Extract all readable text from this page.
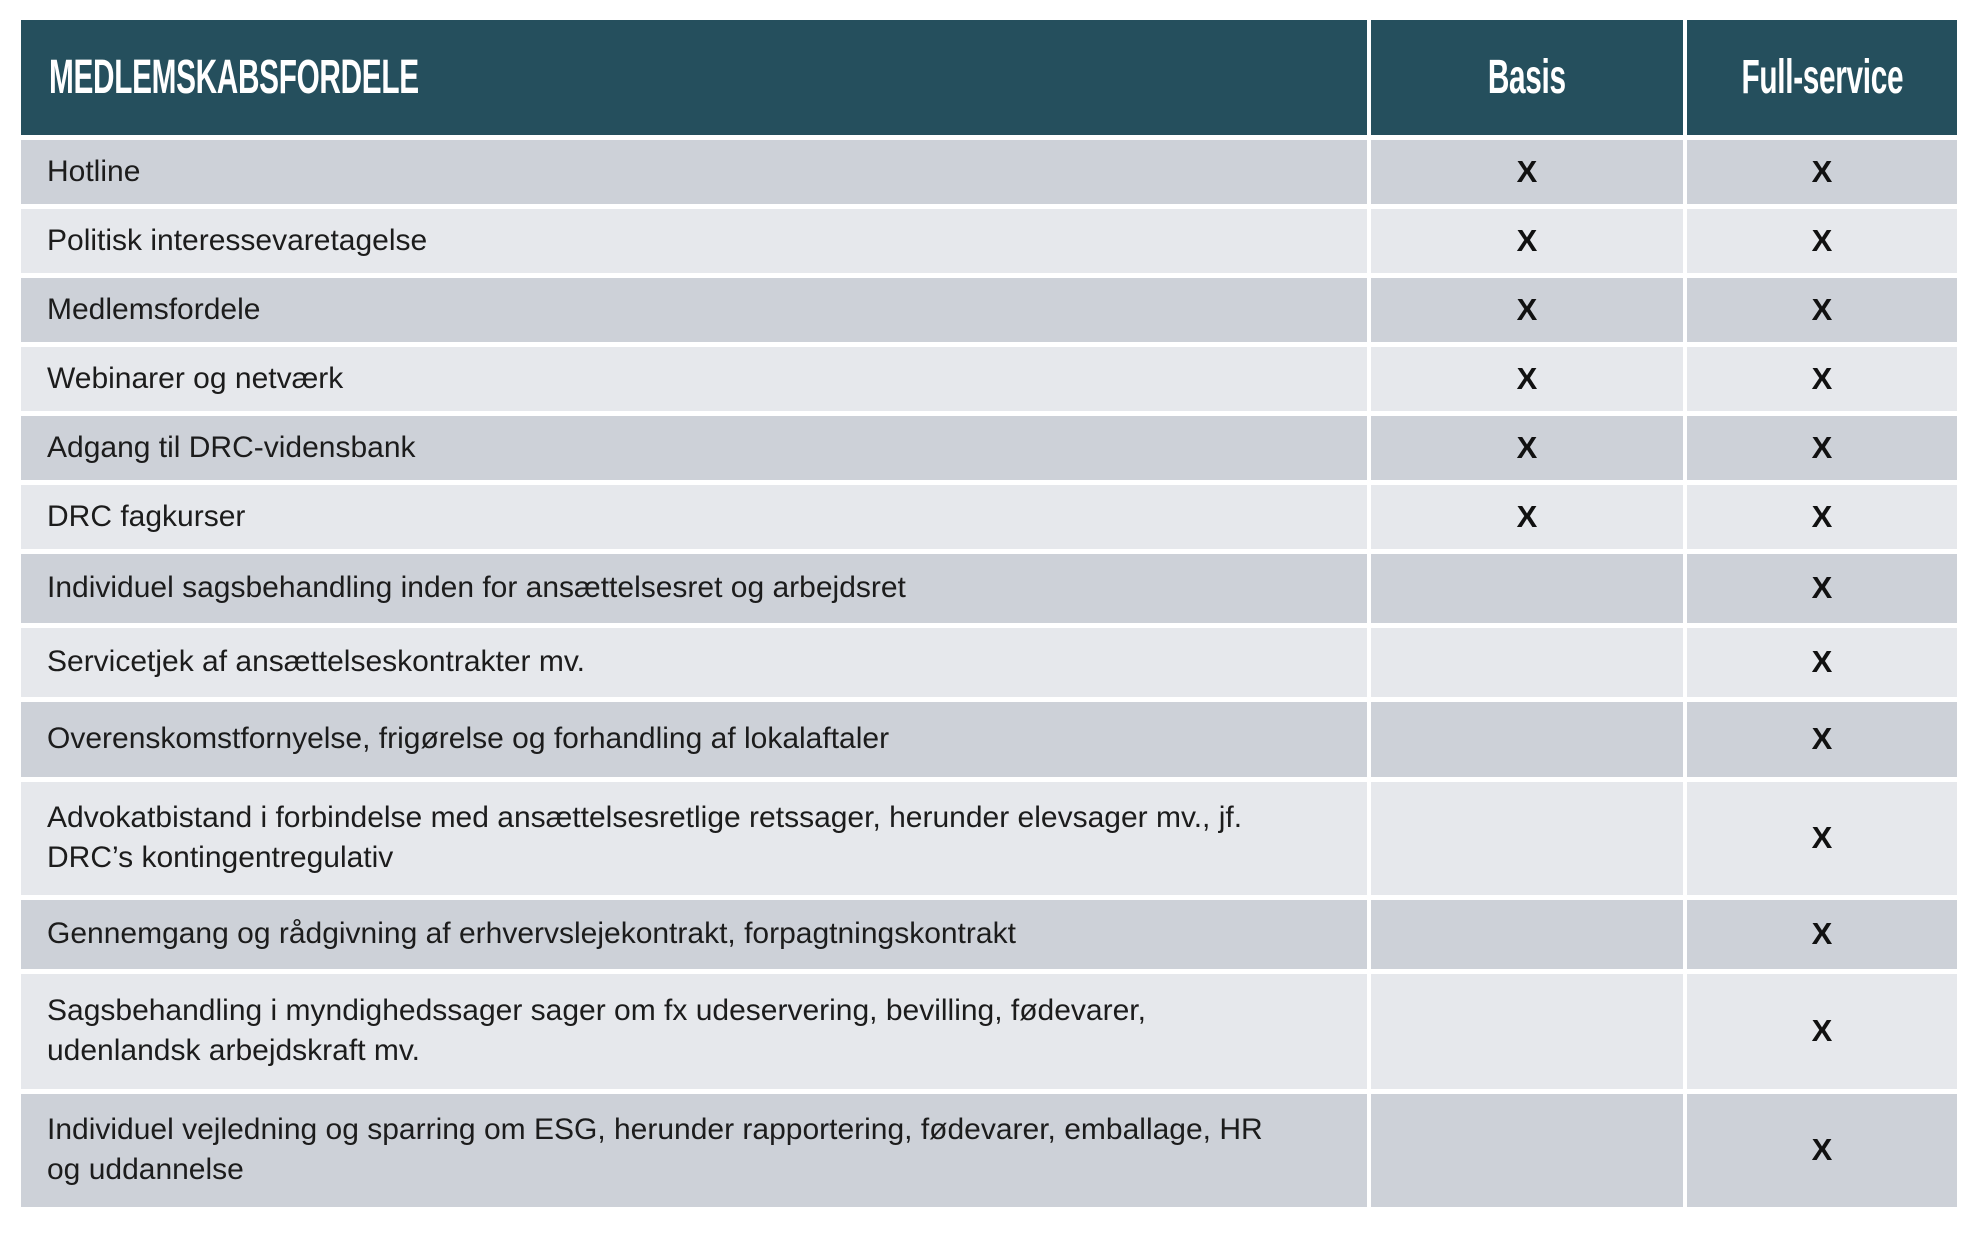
MEDLEMSKABSFORDELE	Basis	Full-service
Hotline	X	X
Politisk interessevaretagelse	X	X
Medlemsfordele	X	X
Webinarer og netværk	X	X
Adgang til DRC-vidensbank	X	X
DRC fagkurser	X	X
Individuel sagsbehandling inden for ansættelsesret og arbejdsret		X
Servicetjek af ansættelseskontrakter mv.		X
Overenskomstfornyelse, frigørelse og forhandling af lokalaftaler		X
Advokatbistand i forbindelse med ansættelsesretlige retssager, herunder elevsager mv., jf. DRC’s kontingentregulativ		X
Gennemgang og rådgivning af erhvervslejekontrakt, forpagtningskontrakt		X
Sagsbehandling i myndighedssager sager om fx udeservering, bevilling, fødevarer, udenlandsk arbejdskraft mv.		X
Individuel vejledning og sparring om ESG, herunder rapportering, fødevarer, emballage, HR og uddannelse		X
